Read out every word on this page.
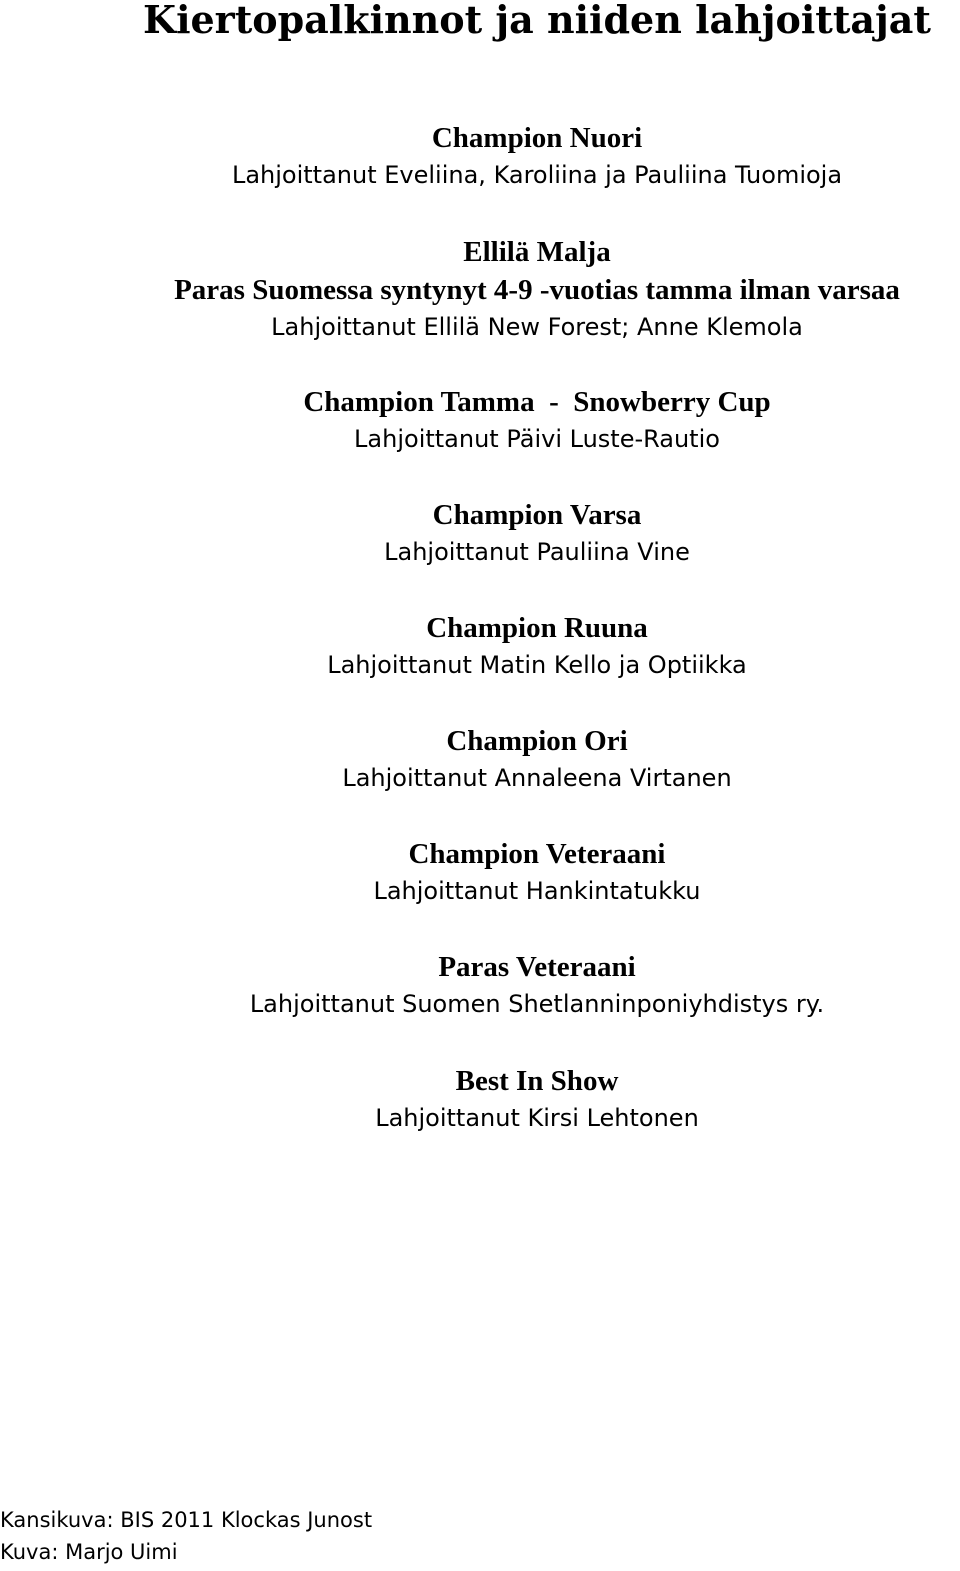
Kiertopalkinnot ja niiden lahjoittajat
Champion Nuori
Lahjoittanut Eveliina, Karoliina ja Pauliina Tuomioja
Ellilä Malja
Paras Suomessa syntynyt 4-9 -vuotias tamma ilman varsaa
Lahjoittanut Ellilä New Forest; Anne Klemola
Champion Tamma  -  Snowberry Cup
Lahjoittanut Päivi Luste-Rautio
Champion Varsa
Lahjoittanut Pauliina Vine
Champion Ruuna
Lahjoittanut Matin Kello ja Optiikka
Champion Ori
Lahjoittanut Annaleena Virtanen
Champion Veteraani
Lahjoittanut Hankintatukku
Paras Veteraani
Lahjoittanut Suomen Shetlanninponiyhdistys ry.
Best In Show
Lahjoittanut Kirsi Lehtonen
Kansikuva: BIS 2011 Klockas Junost
Kuva: Marjo Uimi
